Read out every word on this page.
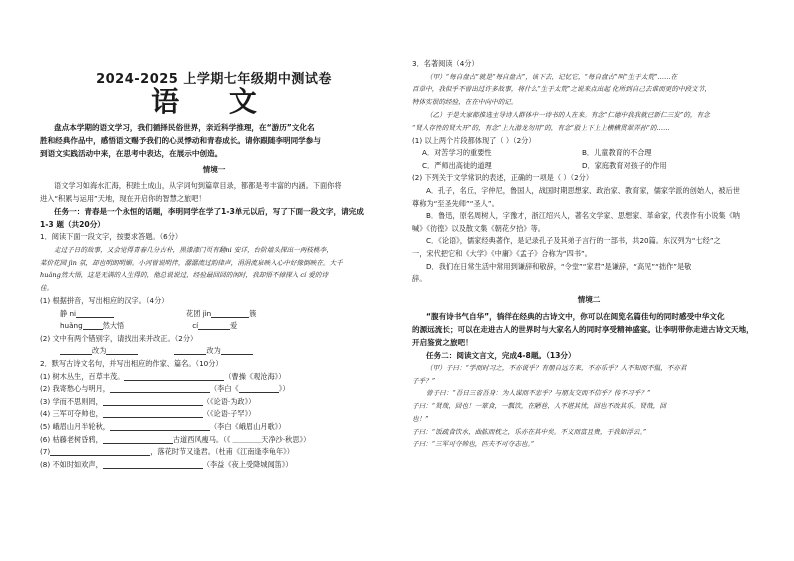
2024-2025 上学期七年级期中测试卷
语 文

盘点本学期的语文学习，我们循择民俗世界，亲近科学推理，在“游历”文化名

胜和经典作品中，感悟语文赐予我们的心灵悸动和青春成长。请你跟随李明同学参与

到语文实践活动中来，在思考中表达，在展示中创造。

情境一

语文学习如海水汇海，积跬土成山，从字词句到篇章目录，都都是考丰富的内涵。下面你将

进入“积累与运用”天地，现在开启你的智慧之旅吧！

任务一：青春是一个永恒的话题，李明同学在学了1-3单元以后，写了下面一段文字，请完成

1-3 题（共20分）

1．阅读下面一段文字，按要求答题。（6分）

走过子日的故事，又会觉得青春几分古朴，黑漆漆门页有翻ni 安详，台阶墙头探出一两枝桃李，

菜价花园 jìn 氛，却也明朗明媚。小河曾说明伴，潺潺流过韵律声，涓涓流泉映入心中好像倒映在。大千

huǎng然大悟，这是无满的人生得的，他总说说过，经验最回回的闲时，我却悟不掉探入 cí 爱的诗

佳。

(1) 根据拼音，写出相应的汉字。（4分）

静 ni	花团 jìn	簇
huǎng	然大悟	cí	爱

(2) 文中有两个错别字，请找出来并改正。（2分）

改为	改为

2．默写古诗文名句，并写出相应的作家、篇名。（10分）

(1) 树木丛生，百草丰茂。	（曹操《观沧海》）
(2) 我寄愁心与明月，	（李白《	》）
(3) 学而不思则罔，	（《论语·为政》）
(4) 三军可夺帅也，	（《论语·子罕》）
(5) 峨眉山月半轮秋，	（李白《峨眉山月歌》）
(6) 枯藤老树昏鸦，	古道西风瘦马。（《 ＿＿＿＿天净沙·秋思》）
(7)	，落花时节又逢君。（杜甫《江南逢李龟年》）
(8) 不如时如欢声，	（李益《夜上受降城闻笛》）

3．名著阅读（4分）

（甲）“每自盘古”就是“每自盘古”，该下去，记忆它，“每自盘古”叫“生于太荒”……在

百草中，我似乎不曾出过许多故事，将什么“生于太荒”之说来点出起 化所到自己去谁而更的中段文节，

特体实很的经验，在在中向中的记。

（乙）于是大家都推选主导诗人群体中一诗书的人在来。有念“仁德中我我就已新仁三发”的，有念

“贤人存性的贤大开”的，有念“上九潜龙勿用”的，有念“股上下上上横横贯翠弄孙”的……

(1) 以上两个片段都体现了（ ）（2分）

A．对苦学习的重要性	B．儿童教育的不合理
C．严师出高徒的道理	D．家庭教育对孩子的作用

(2) 下列关于文学常识的表述，正确的一项是（ ）（2分）

A．孔子，名丘，字仲尼，鲁国人，战国时期思想家、政治家、教育家，儒家学派的创始人，被后世

尊称为“至圣先师”“圣人”。

B．鲁迅，原名周树人，字豫才，浙江绍兴人，著名文学家、思想家、革命家，代表作有小说集《呐

喊》《彷徨》以及散文集《朝花夕拾》等。

C．《论语》，儒家经典著作，是记录孔子及其弟子言行的一部书，共20篇。东汉列为“七经”之

一，宋代把它和《大学》《中庸》《孟子》合称为“四书”。

D．我们在日常生活中常用到谦辞和敬辞，“令堂”“家君”是谦辞，“高见”“拙作”是敬

辞。

情境二

“腹有诗书气自华”，徜徉在经典的古诗文中，你可以在阅览名篇佳句的同时感受中华文化

的源远流长；可以在走进古人的世界时与大家名人的同时享受精神盛宴。让李明带你走进古诗文天地，

开启鉴赏之旅吧！

任务二：阅读文言文，完成4-8题。（13分）

（甲）子曰：“学而时习之，不亦说乎？有朋自远方来，不亦乐乎？人不知而不愠，不亦君

子乎？”

曾子曰：“吾日三省吾身：为人谋而不忠乎？与朋友交而不信乎？传不习乎？”

子曰：“贤哉，回也！一箪食，一瓢饮，在陋巷，人不堪其忧，回也不改其乐。贤哉，回

也！”

子曰：“饭疏食饮水，曲肱而枕之，乐亦在其中矣。不义而富且贵，于我如浮云。”

子曰：“三军可夺帅也，匹夫不可夺志也。”
